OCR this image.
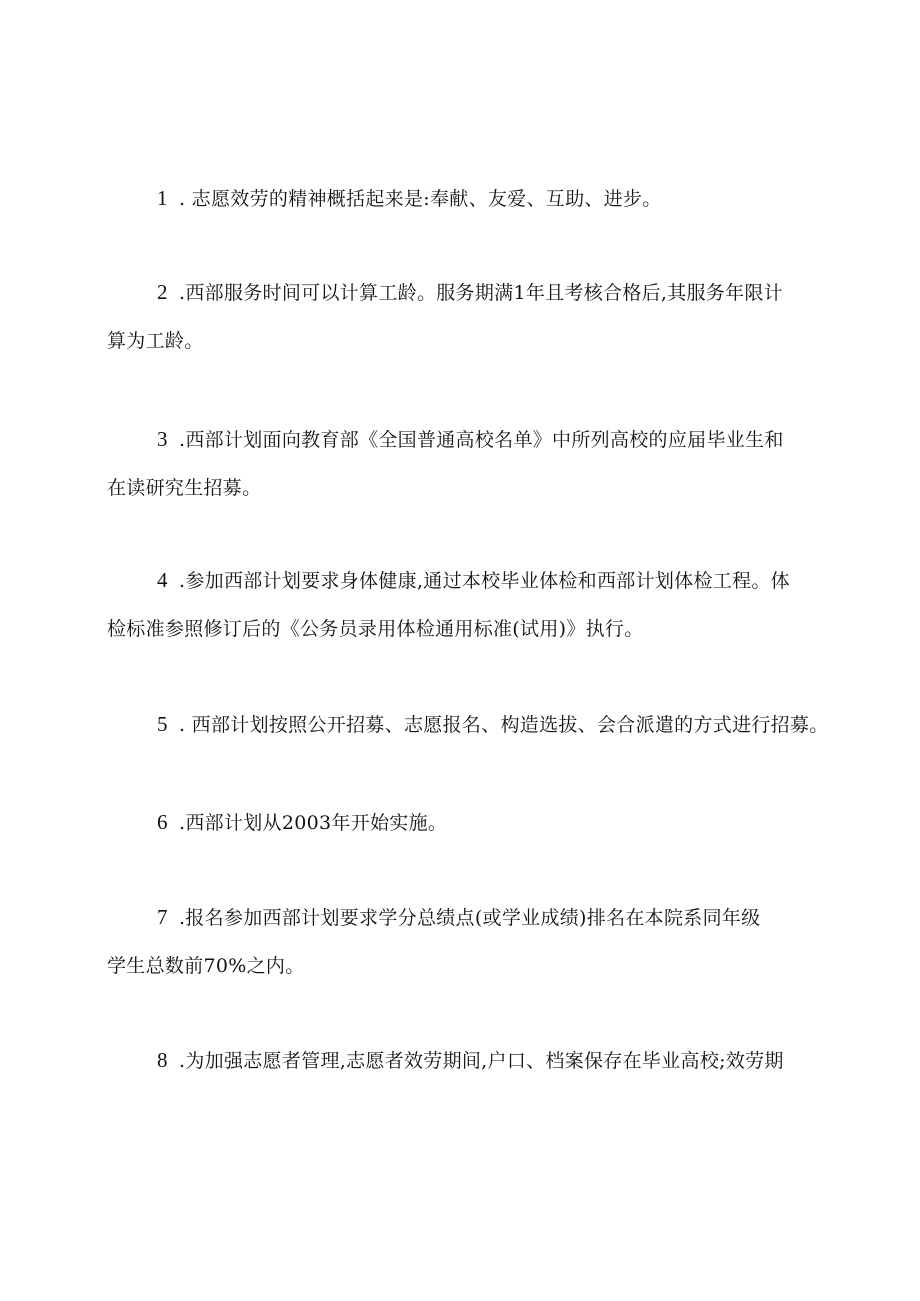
1 . 志愿效劳的精神概括起来是:奉献、友爱、互助、进步。
2 .西部服务时间可以计算工龄。服务期满1年且考核合格后,其服务年限计
算为工龄。
3 .西部计划面向教育部《全国普通高校名单》中所列高校的应届毕业生和
在读研究生招募。
4 .参加西部计划要求身体健康,通过本校毕业体检和西部计划体检工程。体
检标准参照修订后的《公务员录用体检通用标准(试用)》执行。
5 . 西部计划按照公开招募、志愿报名、构造选拔、会合派遣的方式进行招募。
6 .西部计划从2003年开始实施。
7 .报名参加西部计划要求学分总绩点(或学业成绩)排名在本院系同年级
学生总数前70%之内。
8 .为加强志愿者管理,志愿者效劳期间,户口、档案保存在毕业高校;效劳期
